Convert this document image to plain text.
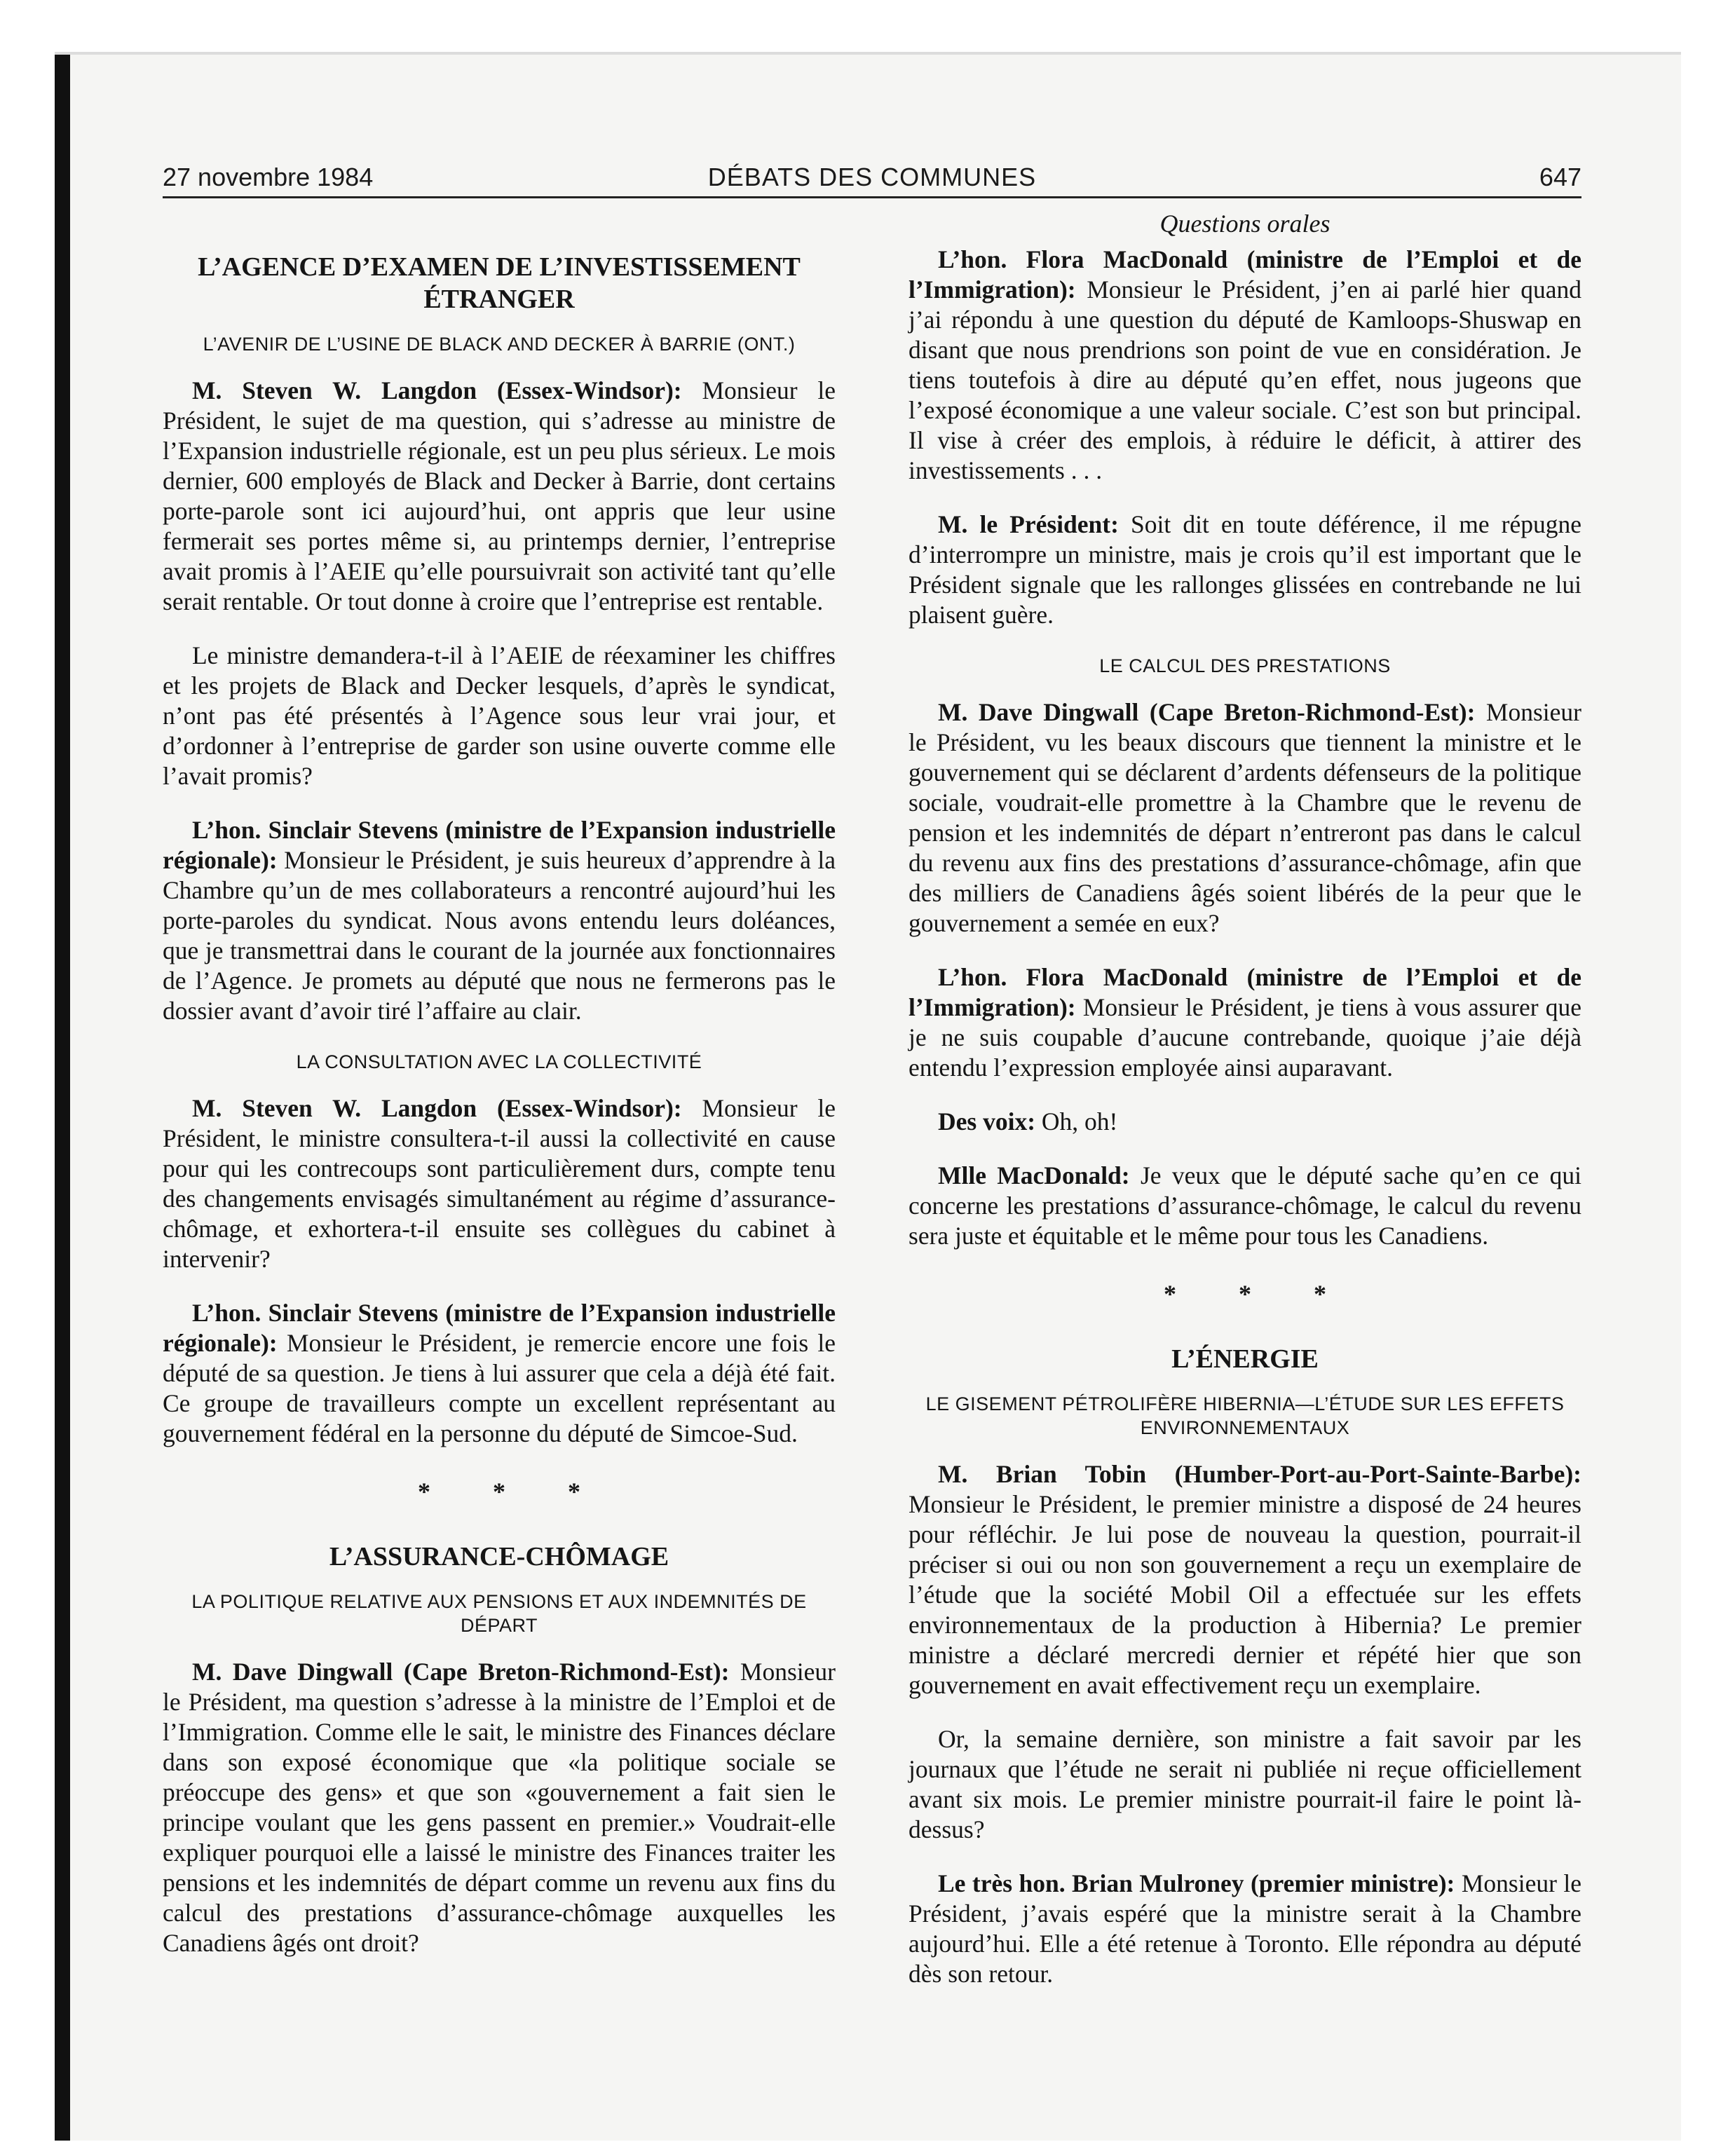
27 novembre 1984	DÉBATS DES COMMUNES	647
L’AGENCE D’EXAMEN DE L’INVESTISSEMENT ÉTRANGER
L’AVENIR DE L’USINE DE BLACK AND DECKER À BARRIE (ONT.)

M. Steven W. Langdon (Essex-Windsor): Monsieur le Président, le sujet de ma question, qui s’adresse au ministre de l’Expansion industrielle régionale, est un peu plus sérieux. Le mois dernier, 600 employés de Black and Decker à Barrie, dont certains porte-parole sont ici aujourd’hui, ont appris que leur usine fermerait ses portes même si, au printemps dernier, l’entreprise avait promis à l’AEIE qu’elle poursuivrait son activité tant qu’elle serait rentable. Or tout donne à croire que l’entreprise est rentable.

Le ministre demandera-t-il à l’AEIE de réexaminer les chiffres et les projets de Black and Decker lesquels, d’après le syndicat, n’ont pas été présentés à l’Agence sous leur vrai jour, et d’ordonner à l’entreprise de garder son usine ouverte comme elle l’avait promis?

L’hon. Sinclair Stevens (ministre de l’Expansion industrielle régionale): Monsieur le Président, je suis heureux d’apprendre à la Chambre qu’un de mes collaborateurs a rencontré aujourd’hui les porte-paroles du syndicat. Nous avons entendu leurs doléances, que je transmettrai dans le courant de la journée aux fonctionnaires de l’Agence. Je promets au député que nous ne fermerons pas le dossier avant d’avoir tiré l’affaire au clair.

LA CONSULTATION AVEC LA COLLECTIVITÉ

M. Steven W. Langdon (Essex-Windsor): Monsieur le Président, le ministre consultera-t-il aussi la collectivité en cause pour qui les contrecoups sont particulièrement durs, compte tenu des changements envisagés simultanément au régime d’assurance-chômage, et exhortera-t-il ensuite ses collègues du cabinet à intervenir?

L’hon. Sinclair Stevens (ministre de l’Expansion industrielle régionale): Monsieur le Président, je remercie encore une fois le député de sa question. Je tiens à lui assurer que cela a déjà été fait. Ce groupe de travailleurs compte un excellent représentant au gouvernement fédéral en la personne du député de Simcoe-Sud.

* * *
L’ASSURANCE-CHÔMAGE
LA POLITIQUE RELATIVE AUX PENSIONS ET AUX INDEMNITÉS DE DÉPART

M. Dave Dingwall (Cape Breton-Richmond-Est): Monsieur le Président, ma question s’adresse à la ministre de l’Emploi et de l’Immigration. Comme elle le sait, le ministre des Finances déclare dans son exposé économique que «la politique sociale se préoccupe des gens» et que son «gouvernement a fait sien le principe voulant que les gens passent en premier.» Voudrait-elle expliquer pourquoi elle a laissé le ministre des Finances traiter les pensions et les indemnités de départ comme un revenu aux fins du calcul des prestations d’assurance-chômage auxquelles les Canadiens âgés ont droit?

Questions orales

L’hon. Flora MacDonald (ministre de l’Emploi et de l’Immigration): Monsieur le Président, j’en ai parlé hier quand j’ai répondu à une question du député de Kamloops-Shuswap en disant que nous prendrions son point de vue en considération. Je tiens toutefois à dire au député qu’en effet, nous jugeons que l’exposé économique a une valeur sociale. C’est son but principal. Il vise à créer des emplois, à réduire le déficit, à attirer des investissements . . .

M. le Président: Soit dit en toute déférence, il me répugne d’interrompre un ministre, mais je crois qu’il est important que le Président signale que les rallonges glissées en contrebande ne lui plaisent guère.

LE CALCUL DES PRESTATIONS

M. Dave Dingwall (Cape Breton-Richmond-Est): Monsieur le Président, vu les beaux discours que tiennent la ministre et le gouvernement qui se déclarent d’ardents défenseurs de la politique sociale, voudrait-elle promettre à la Chambre que le revenu de pension et les indemnités de départ n’entreront pas dans le calcul du revenu aux fins des prestations d’assurance-chômage, afin que des milliers de Canadiens âgés soient libérés de la peur que le gouvernement a semée en eux?

L’hon. Flora MacDonald (ministre de l’Emploi et de l’Immigration): Monsieur le Président, je tiens à vous assurer que je ne suis coupable d’aucune contrebande, quoique j’aie déjà entendu l’expression employée ainsi auparavant.

Des voix: Oh, oh!

Mlle MacDonald: Je veux que le député sache qu’en ce qui concerne les prestations d’assurance-chômage, le calcul du revenu sera juste et équitable et le même pour tous les Canadiens.

* * *
L’ÉNERGIE
LE GISEMENT PÉTROLIFÈRE HIBERNIA—L’ÉTUDE SUR LES EFFETS ENVIRONNEMENTAUX

M. Brian Tobin (Humber-Port-au-Port-Sainte-Barbe): Monsieur le Président, le premier ministre a disposé de 24 heures pour réfléchir. Je lui pose de nouveau la question, pourrait-il préciser si oui ou non son gouvernement a reçu un exemplaire de l’étude que la société Mobil Oil a effectuée sur les effets environnementaux de la production à Hibernia? Le premier ministre a déclaré mercredi dernier et répété hier que son gouvernement en avait effectivement reçu un exemplaire.

Or, la semaine dernière, son ministre a fait savoir par les journaux que l’étude ne serait ni publiée ni reçue officiellement avant six mois. Le premier ministre pourrait-il faire le point là-dessus?

Le très hon. Brian Mulroney (premier ministre): Monsieur le Président, j’avais espéré que la ministre serait à la Chambre aujourd’hui. Elle a été retenue à Toronto. Elle répondra au député dès son retour.
